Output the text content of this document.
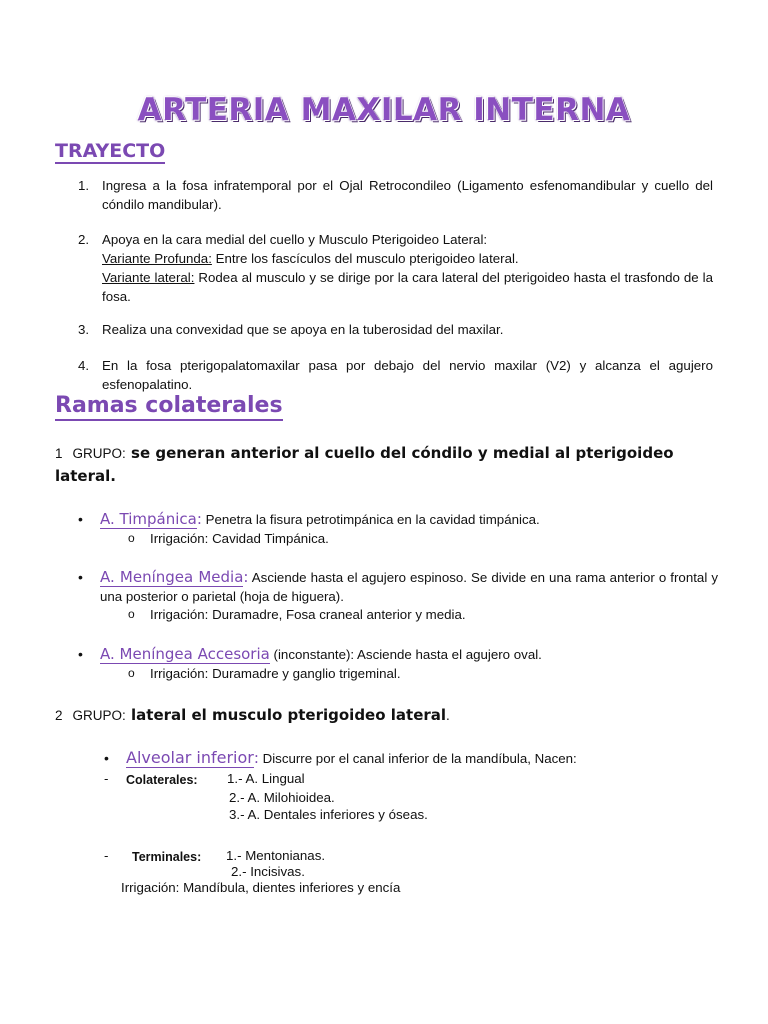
ARTERIA MAXILAR INTERNA
TRAYECTO
1. Ingresa a la fosa infratemporal por el Ojal Retrocondileo (Ligamento esfenomandibular y cuello del cóndilo mandibular).
2. Apoya en la cara medial del cuello y Musculo Pterigoideo Lateral:
Variante Profunda: Entre los fascículos del musculo pterigoideo lateral.
Variante lateral: Rodea al musculo y se dirige por la cara lateral del pterigoideo hasta el trasfondo de la fosa.
3. Realiza una convexidad que se apoya en la tuberosidad del maxilar.
4. En la fosa pterigopalatomaxilar pasa por debajo del nervio maxilar (V2) y alcanza el agujero esfenopalatino.
Ramas colaterales
1 GRUPO: se generan anterior al cuello del cóndilo y medial al pterigoideo lateral.
• A. Timpánica: Penetra la fisura petrotimpánica en la cavidad timpánica.
o Irrigación: Cavidad Timpánica.
• A. Meníngea Media: Asciende hasta el agujero espinoso. Se divide en una rama anterior o frontal y una posterior o parietal (hoja de higuera).
o Irrigación: Duramadre, Fosa craneal anterior y media.
• A. Meníngea Accesoria (inconstante): Asciende hasta el agujero oval.
o Irrigación: Duramadre y ganglio trigeminal.
2 GRUPO: lateral el musculo pterigoideo lateral.
• Alveolar inferior: Discurre por el canal inferior de la mandíbula, Nacen:
- Colaterales: 1.- A. Lingual
2.- A. Milohioidea.
3.- A. Dentales inferiores y óseas.
- Terminales: 1.- Mentonianas.
2.- Incisivas.
Irrigación: Mandíbula, dientes inferiores y encía
